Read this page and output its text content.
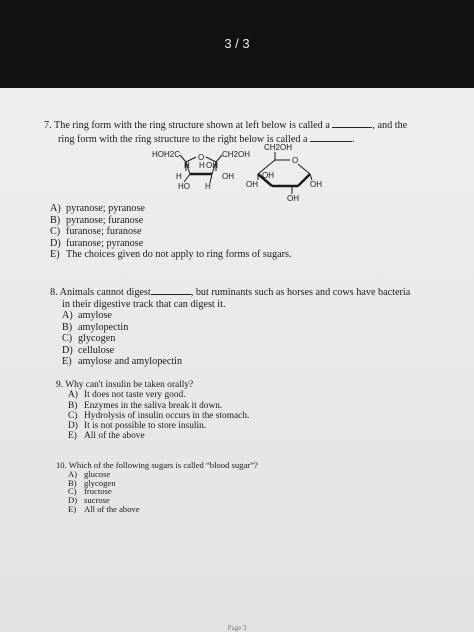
3 / 3
7. The ring form with the ring structure shown at left below is called a	, and the
ring form with the ring structure to the right below is called a	.
HOH2C O CH2OH
H H OH
H	OH
HO H
CH2OH
O
OH
OH	OH
OH
A) pyranose; pyranose
B) pyranose; furanose
C) furanose; furanose
D) furanose; pyranose
E) The choices given do not apply to ring forms of sugars.
8. Animals cannot digest	, but ruminants such as horses and cows have bacteria
in their digestive track that can digest it.
A) amylose
B) amylopectin
C) glycogen
D) cellulose
E) amylose and amylopectin
9. Why can't insulin be taken orally?
A) It does not taste very good.
B) Enzymes in the saliva break it down.
C) Hydrolysis of insulin occurs in the stomach.
D) It is not possible to store insulin.
E) All of the above
10. Which of the following sugars is called “blood sugar”?
A) glucose
B) glycogen
C) fructose
D) sucrose
E) All of the above
Page 3
